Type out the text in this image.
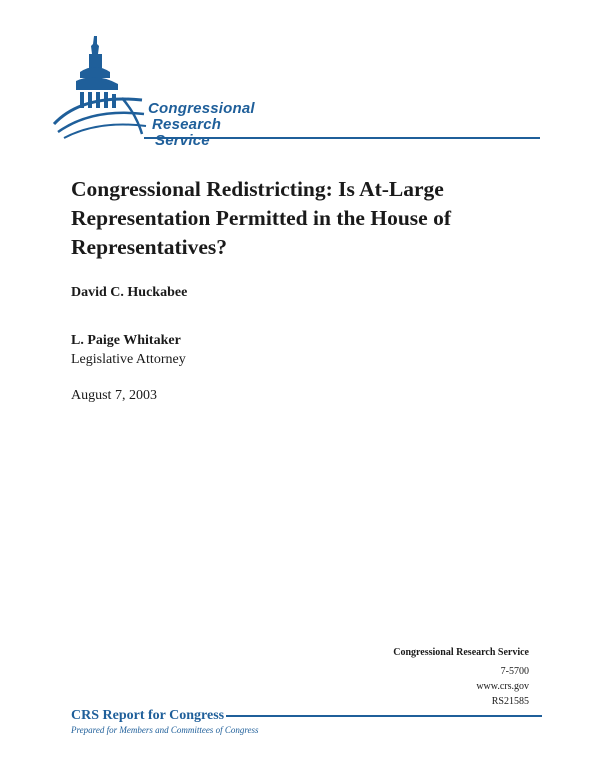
Congressional
Research
Service
Congressional Redistricting: Is At-Large Representation Permitted in the House of Representatives?
David C. Huckabee
L. Paige Whitaker
Legislative Attorney
August 7, 2003
Congressional Research Service
7-5700
www.crs.gov
RS21585
CRS Report for Congress
Prepared for Members and Committees of Congress
